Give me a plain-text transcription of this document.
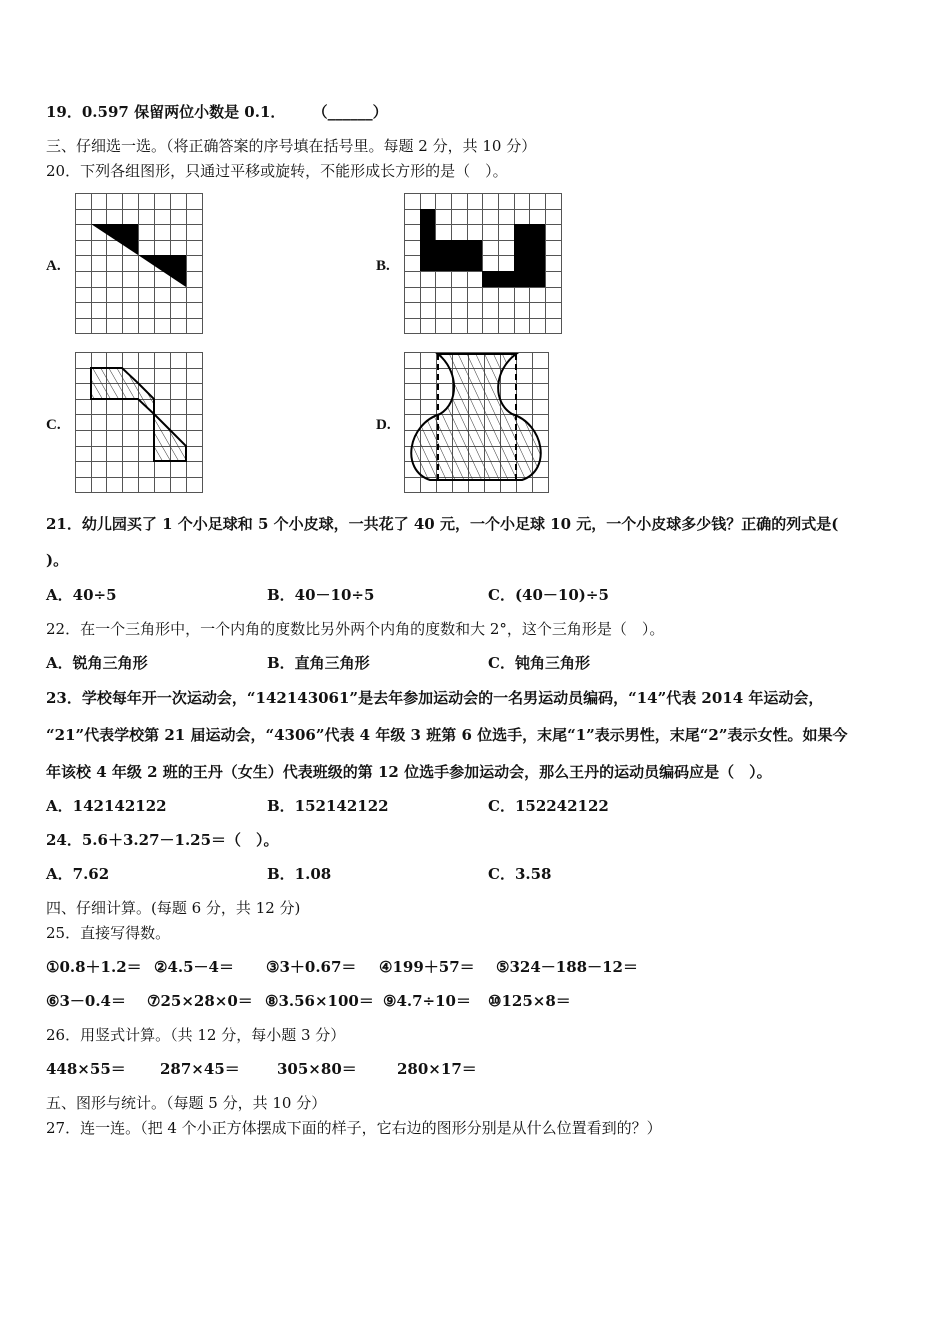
19．0.597 保留两位小数是 0.1． （______）
三、仔细选一选。（将正确答案的序号填在括号里。每题 2 分，共 10 分）
20．下列各组图形，只通过平移或旋转，不能形成长方形的是（　）。
A.	B.
C.	D.
21．幼儿园买了 1 个小足球和 5 个小皮球，一共花了 40 元，一个小足球 10 元，一个小皮球多少钱？正确的列式是(
)。
A．40÷5	B．40－10÷5	C．(40－10)÷5
22．在一个三角形中，一个内角的度数比另外两个内角的度数和大 2°，这个三角形是（　）。
A．锐角三角形	B．直角三角形	C．钝角三角形
23．学校每年开一次运动会，“142143061”是去年参加运动会的一名男运动员编码，“14”代表 2014 年运动会，
“21”代表学校第 21 届运动会，“4306”代表 4 年级 3 班第 6 位选手，末尾“1”表示男性，末尾“2”表示女性。如果今
年该校 4 年级 2 班的王丹（女生）代表班级的第 12 位选手参加运动会，那么王丹的运动员编码应是（　）。
A．142142122	B．152142122	C．152242122
24．5.6＋3.27－1.25＝（　）。
A．7.62	B．1.08	C．3.58
四、仔细计算。(每题 6 分，共 12 分)
25．直接写得数。
①0.8＋1.2＝ ②4.5－4＝ ③3＋0.67＝ ④199＋57＝ ⑤324－188－12＝
⑥3－0.4＝ ⑦25×28×0＝ ⑧3.56×100＝ ⑨4.7÷10＝ ⑩125×8＝
26．用竖式计算。（共 12 分，每小题 3 分）
448×55＝ 287×45＝ 305×80＝	280×17＝
五、图形与统计。（每题 5 分，共 10 分）
27．连一连。（把 4 个小正方体摆成下面的样子，它右边的图形分别是从什么位置看到的？）
